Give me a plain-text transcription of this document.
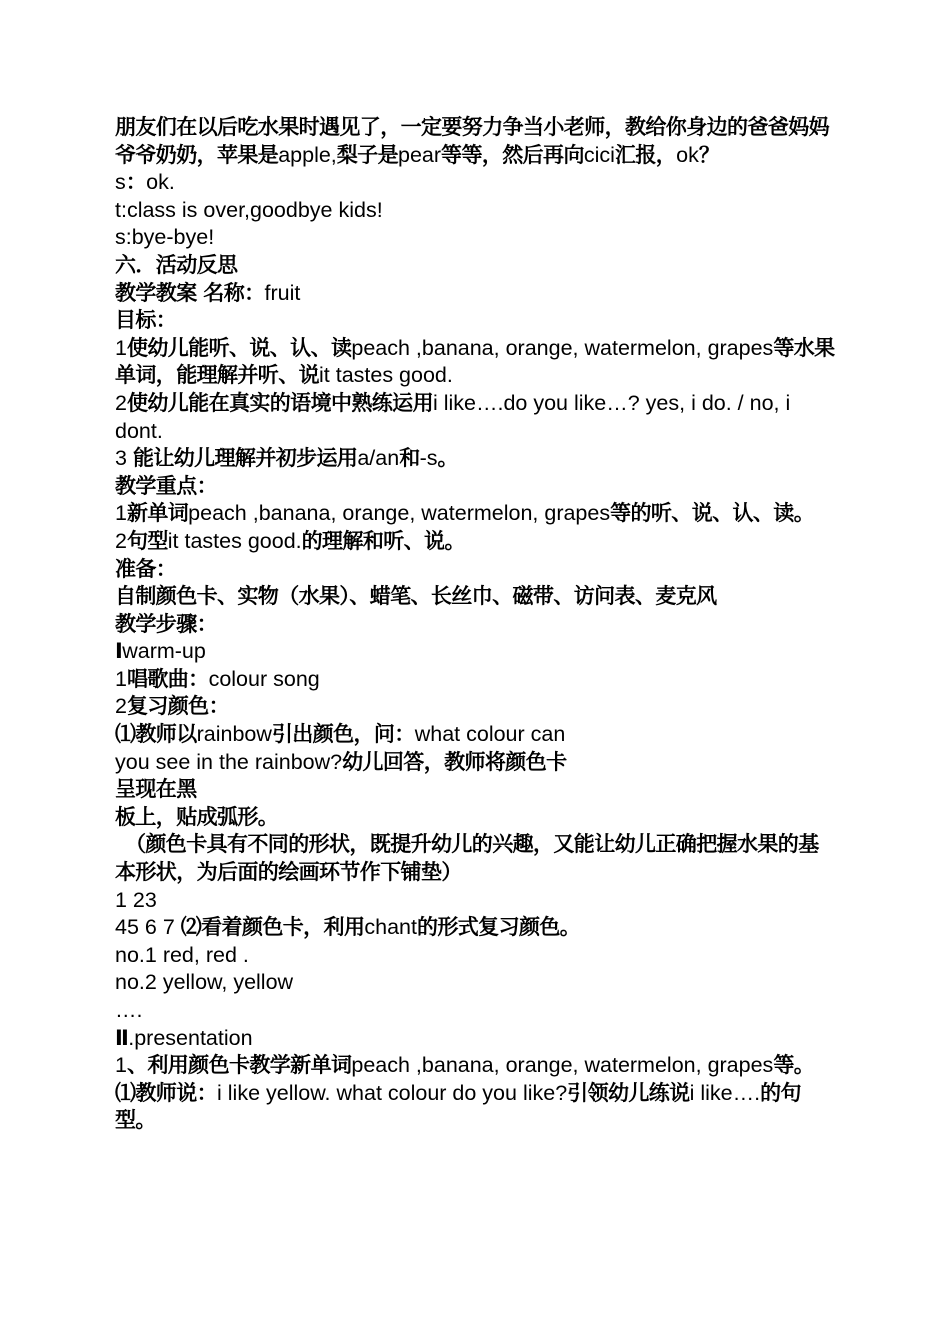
朋友们在以后吃水果时遇见了，一定要努力争当小老师，教给你身边的爸爸妈妈爷爷奶奶，苹果是apple,梨子是pear等等，然后再向cici汇报，ok？
s：ok.
t:class is over,goodbye kids!
s:bye-bye!
六．活动反思
教学教案 名称：fruit
目标：
1使幼儿能听、说、认、读peach ,banana, orange, watermelon, grapes等水果单词，能理解并听、说it tastes good.
2使幼儿能在真实的语境中熟练运用i like….do you like…? yes, i do. / no, i dont.
3 能让幼儿理解并初步运用a/an和-s。
教学重点：
1新单词peach ,banana, orange, watermelon, grapes等的听、说、认、读。
2句型it tastes good.的理解和听、说。
准备：
自制颜色卡、实物（水果）、蜡笔、长丝巾、磁带、访问表、麦克风
教学步骤：
Ⅰwarm-up
1唱歌曲：colour song
2复习颜色：
⑴教师以rainbow引出颜色，问：what colour can you see in the rainbow?幼儿回答，教师将颜色卡呈现在黑
板上，贴成弧形。
（颜色卡具有不同的形状，既提升幼儿的兴趣，又能让幼儿正确把握水果的基本形状，为后面的绘画环节作下铺垫）
1 23
45 6 7 ⑵看着颜色卡，利用chant的形式复习颜色。
no.1 red, red .
no.2 yellow, yellow
….
Ⅱ.presentation
1、利用颜色卡教学新单词peach ,banana, orange, watermelon, grapes等。
⑴教师说：i like yellow. what colour do you like?引领幼儿练说i like….的句型。
